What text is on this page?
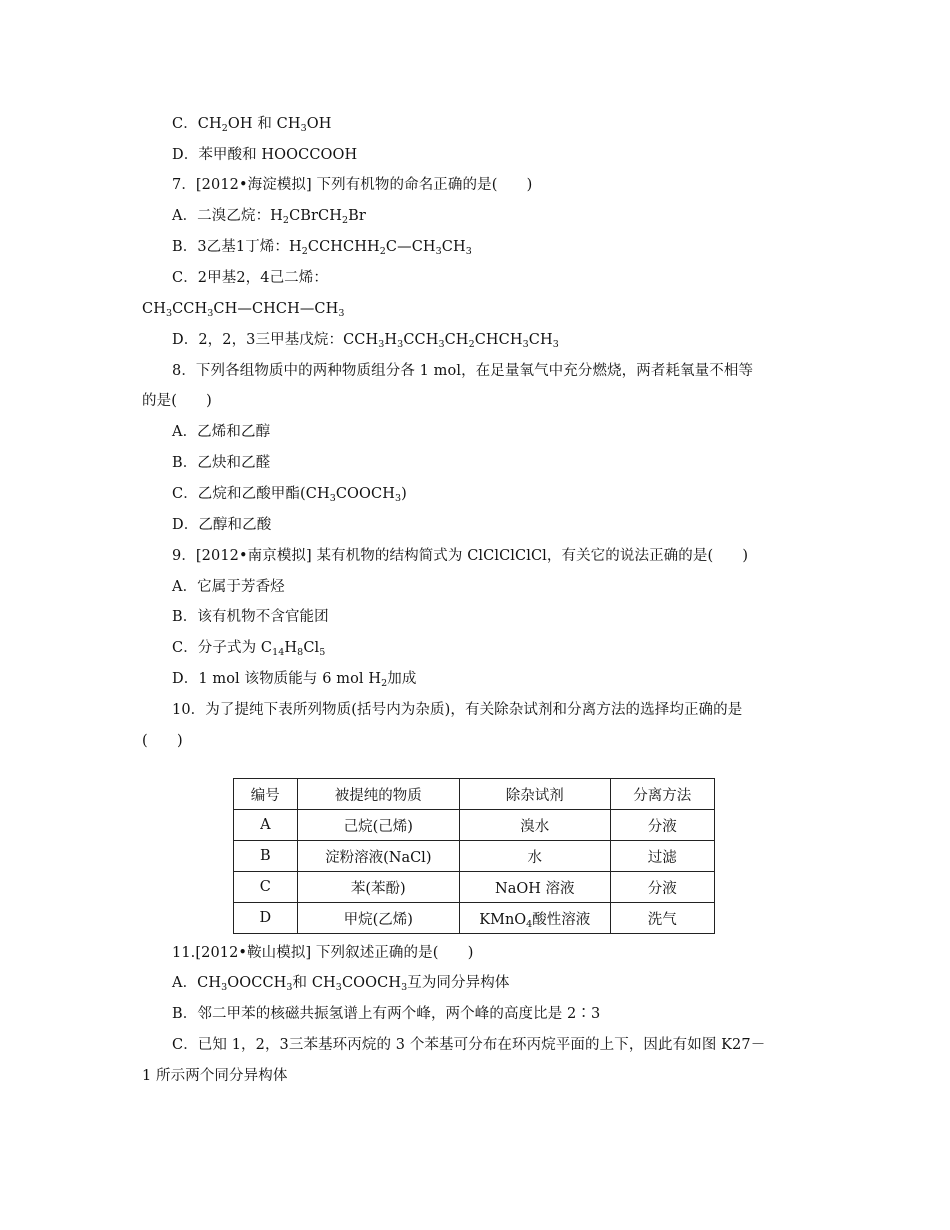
C．$CH_2OH$ 和 $CH_3OH$
D．苯甲酸和 HOOCCOOH
7．[2012•海淀模拟] 下列有机物的命名正确的是(　　)
A．二溴乙烷：$H_2CBrCH_2Br$
B．3乙基1丁烯：$H_2CCHCHH_2C—CH_3CH_3$
C．2甲基2，4己二烯：
$CH_3CCH_3CH—CHCH—CH_3$
D．2，2，3三甲基戊烷：$CCH_3H_3CCH_3CH_2CHCH_3CH_3$
8．下列各组物质中的两种物质组分各 1 mol，在足量氧气中充分燃烧，两者耗氧量不相等
的是(　　)
A．乙烯和乙醇
B．乙炔和乙醛
C．乙烷和乙酸甲酯$(CH_3COOCH_3)$
D．乙醇和乙酸
9．[2012•南京模拟] 某有机物的结构简式为 ClClClClCl，有关它的说法正确的是(　　)
A．它属于芳香烃
B．该有机物不含官能团
C．分子式为 $C_{14}H_8Cl_5$
D．1 mol 该物质能与 6 mol $H_2$加成
10．为了提纯下表所列物质(括号内为杂质)，有关除杂试剂和分离方法的选择均正确的是
(　　)
11.[2012•鞍山模拟] 下列叙述正确的是(　　)
A．$CH_3OOCCH_3$和 $CH_3COOCH_3$互为同分异构体
B．邻二甲苯的核磁共振氢谱上有两个峰，两个峰的高度比是 2∶3
C．已知 1，2，3三苯基环丙烷的 3 个苯基可分布在环丙烷平面的上下，因此有如图 K27－
1 所示两个同分异构体
编号	被提纯的物质	除杂试剂	分离方法
A	己烷(己烯)	溴水	分液
B	淀粉溶液(NaCl)	水	过滤
C	苯(苯酚)	NaOH 溶液	分液
D	甲烷(乙烯)	KMnO$_4$酸性溶液	洗气
